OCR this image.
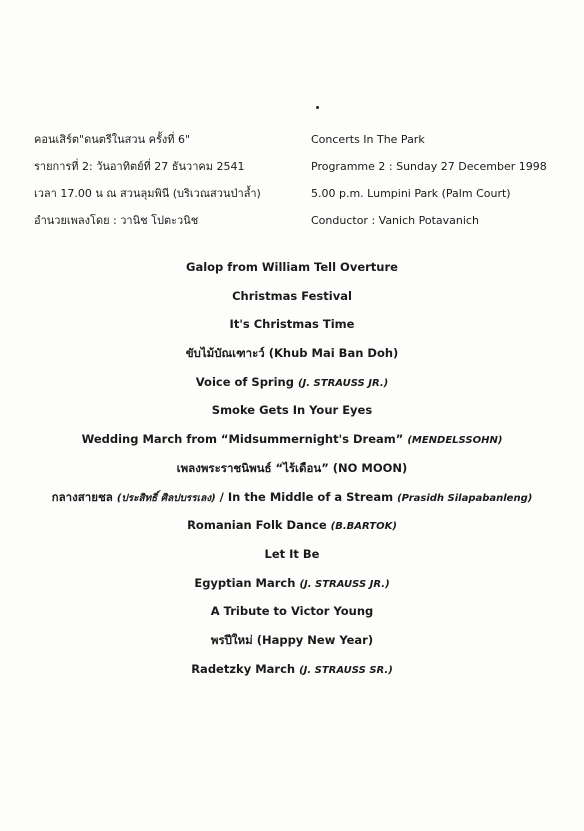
คอนเสิร์ต"ดนตรีในสวน ครั้งที่ 6"
รายการที่ 2: วันอาทิตย์ที่ 27 ธันวาคม 2541
เวลา 17.00 น ณ สวนลุมพินี (บริเวณสวนป่าล้ำ)
อำนวยเพลงโดย : วานิช โปตะวนิช
Concerts In The Park
Programme 2 : Sunday 27 December 1998
5.00 p.m. Lumpini Park (Palm Court)
Conductor : Vanich Potavanich
Galop from William Tell Overture
Christmas Festival
It's Christmas Time
ขับไม้บัณเฑาะว์ (Khub Mai Ban Doh)
Voice of Spring (J. STRAUSS JR.)
Smoke Gets In Your Eyes
Wedding March from “Midsummernight's Dream” (MENDELSSOHN)
เพลงพระราชนิพนธ์ “ไร้เดือน” (NO MOON)
กลางสายชล (ประสิทธิ์ ศิลปบรรเลง) / In the Middle of a Stream (Prasidh Silapabanleng)
Romanian Folk Dance (B.BARTOK)
Let It Be
Egyptian March (J. STRAUSS JR.)
A Tribute to Victor Young
พรปีใหม่ (Happy New Year)
Radetzky March (J. STRAUSS SR.)
